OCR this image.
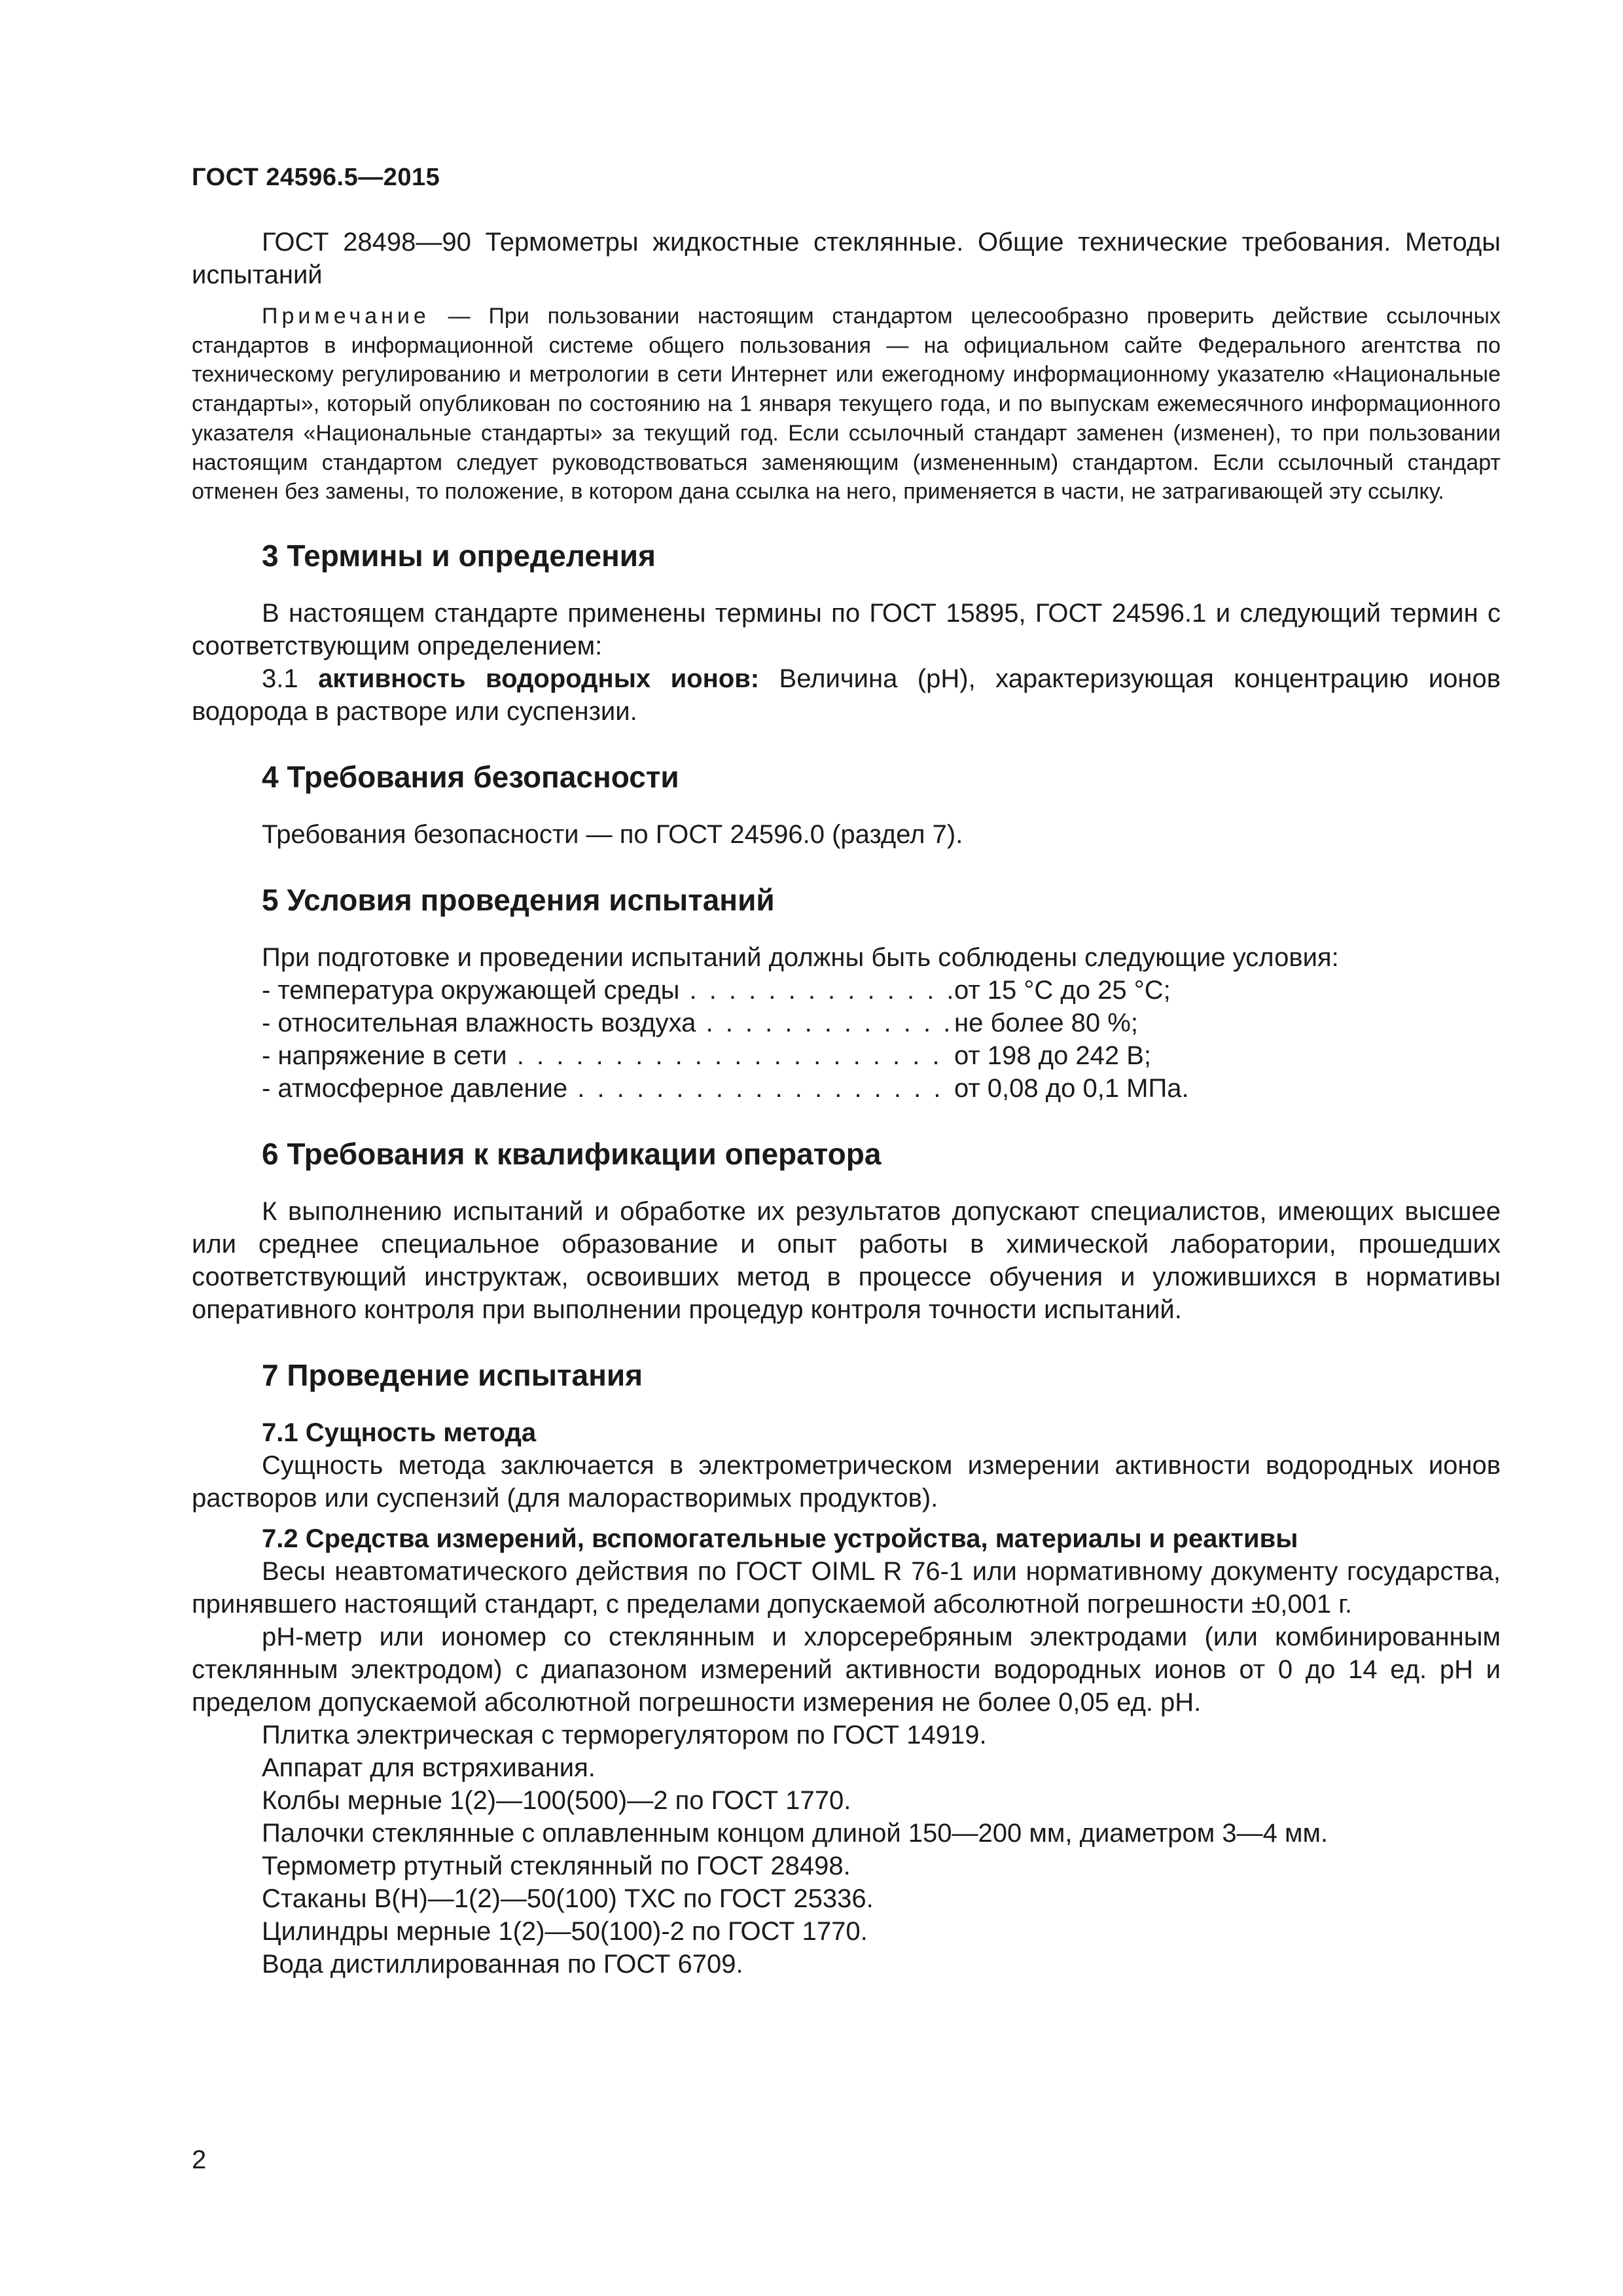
ГОСТ 24596.5—2015

ГОСТ 28498—90 Термометры жидкостные стеклянные. Общие технические требования. Методы испытаний

Примечание — При пользовании настоящим стандартом целесообразно проверить действие ссылочных стандартов в информационной системе общего пользования — на официальном сайте Федерального агентства по техническому регулированию и метрологии в сети Интернет или ежегодному информационному указателю «Национальные стандарты», который опубликован по состоянию на 1 января текущего года, и по выпускам ежемесячного информационного указателя «Национальные стандарты» за текущий год. Если ссылочный стандарт заменен (изменен), то при пользовании настоящим стандартом следует руководствоваться заменяющим (измененным) стандартом. Если ссылочный стандарт отменен без замены, то положение, в котором дана ссылка на него, применяется в части, не затрагивающей эту ссылку.

3 Термины и определения

В настоящем стандарте применены термины по ГОСТ 15895, ГОСТ 24596.1 и следующий термин с соответствующим определением:

3.1 активность водородных ионов: Величина (pH), характеризующая концентрацию ионов водорода в растворе или суспензии.

4 Требования безопасности

Требования безопасности — по ГОСТ 24596.0 (раздел 7).

5 Условия проведения испытаний

При подготовке и проведении испытаний должны быть соблюдены следующие условия:

- температура окружающей среды . . .	от 15 °С до 25 °С;
- относительная влажность воздуха . . .	не более 80 %;
- напряжение в сети . . .	от 198 до 242 В;
- атмосферное давление . . .	от 0,08 до 0,1 МПа.
6 Требования к квалификации оператора

К выполнению испытаний и обработке их результатов допускают специалистов, имеющих высшее или среднее специальное образование и опыт работы в химической лаборатории, прошедших соответствующий инструктаж, освоивших метод в процессе обучения и уложившихся в нормативы оперативного контроля при выполнении процедур контроля точности испытаний.

7 Проведение испытания
7.1 Сущность метода

Сущность метода заключается в электрометрическом измерении активности водородных ионов растворов или суспензий (для малорастворимых продуктов).

7.2 Средства измерений, вспомогательные устройства, материалы и реактивы

Весы неавтоматического действия по ГОСТ OIML R 76-1 или нормативному документу государства, принявшего настоящий стандарт, с пределами допускаемой абсолютной погрешности ±0,001 г.

pH-метр или иономер со стеклянным и хлорсеребряным электродами (или комбинированным стеклянным электродом) с диапазоном измерений активности водородных ионов от 0 до 14 ед. pH и пределом допускаемой абсолютной погрешности измерения не более 0,05 ед. pH.

Плитка электрическая с терморегулятором по ГОСТ 14919.
Аппарат для встряхивания.
Колбы мерные 1(2)—100(500)—2 по ГОСТ 1770.
Палочки стеклянные с оплавленным концом длиной 150—200 мм, диаметром 3—4 мм.
Термометр ртутный стеклянный по ГОСТ 28498.
Стаканы В(Н)—1(2)—50(100) ТХС по ГОСТ 25336.
Цилиндры мерные 1(2)—50(100)-2 по ГОСТ 1770.
Вода дистиллированная по ГОСТ 6709.
2
